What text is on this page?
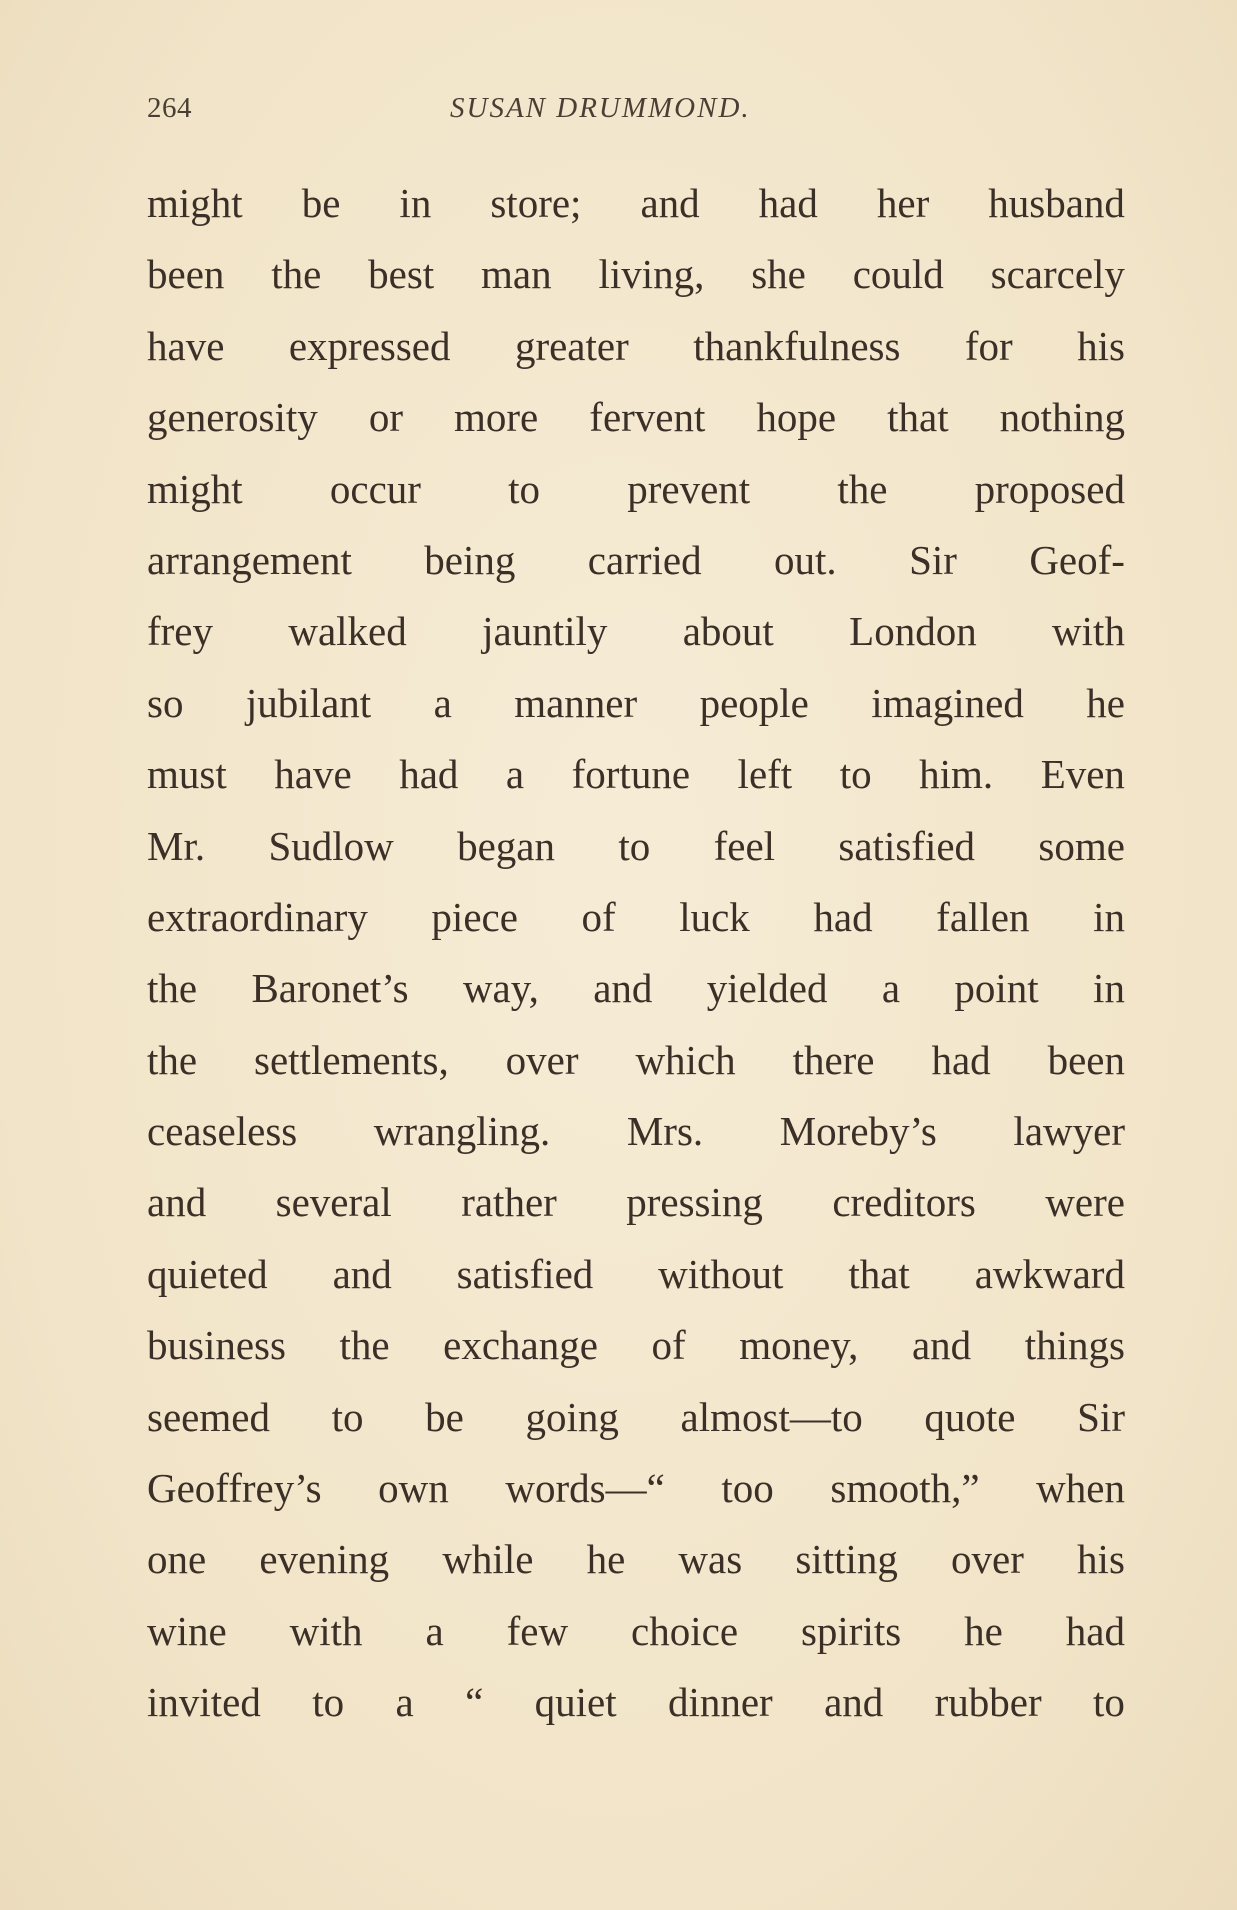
264	SUSAN DRUMMOND.
might be in store; and had her husband
been the best man living, she could scarcely
have expressed greater thankfulness for his
generosity or more fervent hope that nothing
might occur to prevent the proposed
arrangement being carried out. Sir Geof-
frey walked jauntily about London with
so jubilant a manner people imagined he
must have had a fortune left to him. Even
Mr. Sudlow began to feel satisfied some
extraordinary piece of luck had fallen in
the Baronet’s way, and yielded a point in
the settlements, over which there had been
ceaseless wrangling. Mrs. Moreby’s lawyer
and several rather pressing creditors were
quieted and satisfied without that awkward
business the exchange of money, and things
seemed to be going almost—to quote Sir
Geoffrey’s own words—“ too smooth,” when
one evening while he was sitting over his
wine with a few choice spirits he had
invited to a “ quiet dinner and rubber to
